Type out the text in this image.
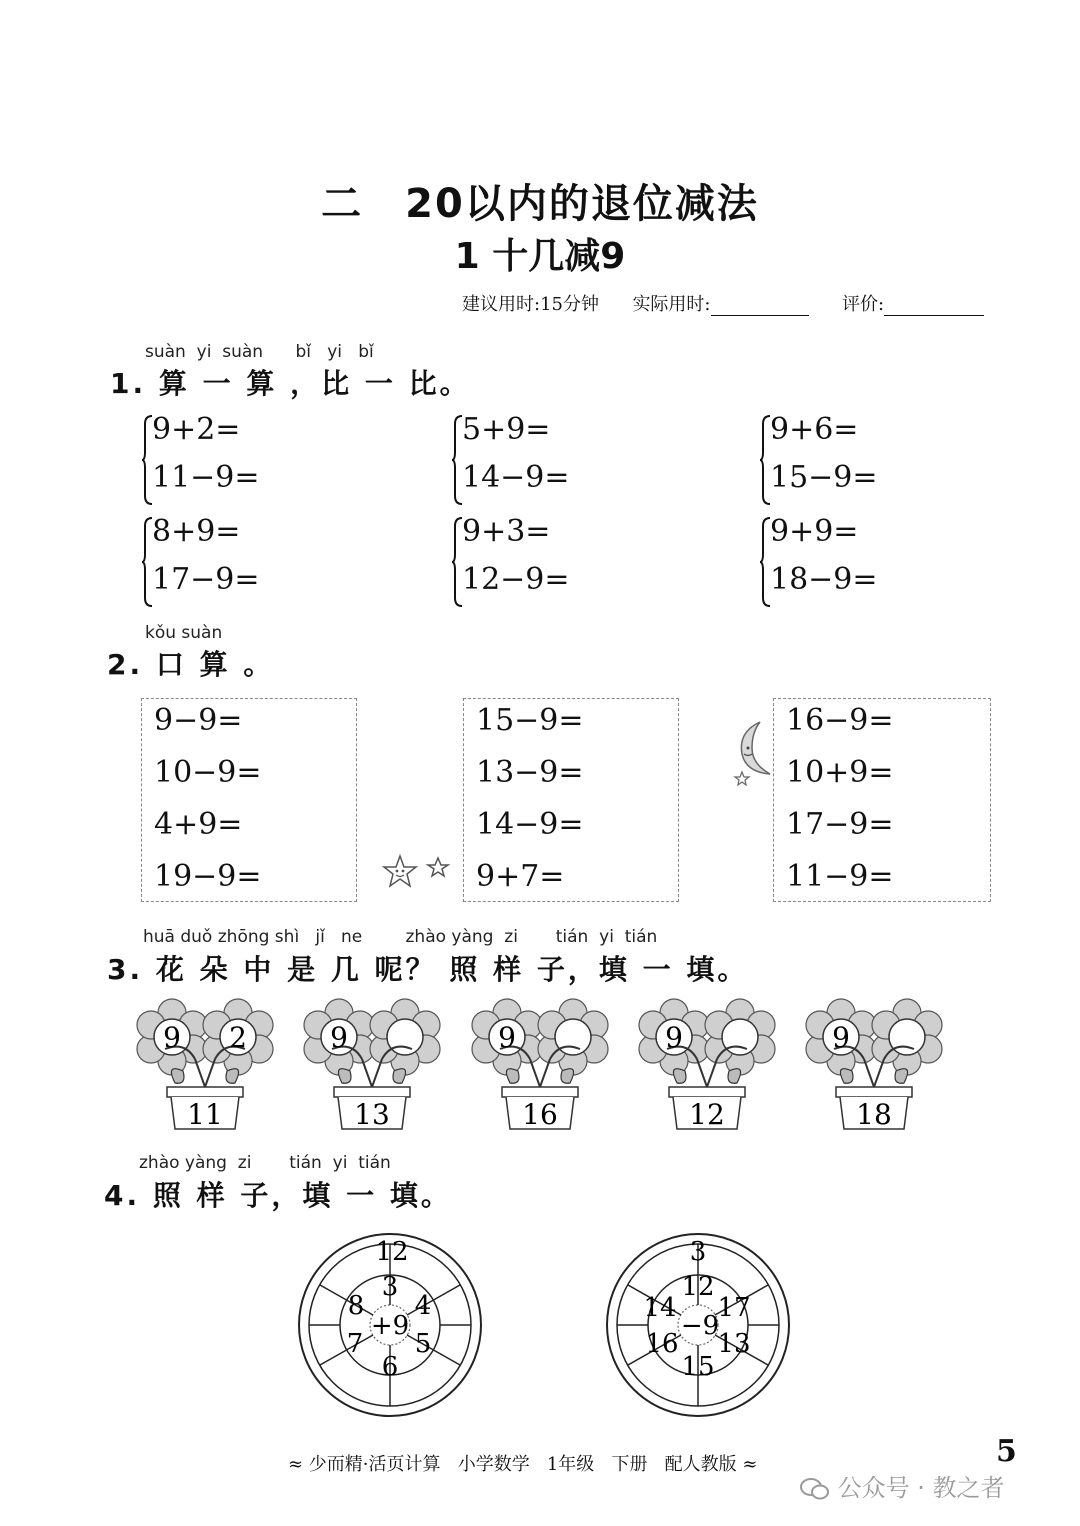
二　20以内的退位减法
1 十几减9
建议用时:15分钟 实际用时:	评价:
suàn  yi  suàn      bǐ   yi   bǐ
1. 算 一 算 ，比 一 比。
9+2=
11−9=
5+9=
14−9=
9+6=
15−9=
8+9=
17−9=
9+3=
12−9=
9+9=
18−9=
kǒu suàn
2. 口 算 。
9−9=
10−9=
4+9=
19−9=
15−9=
13−9=
14−9=
9+7=
16−9=
10+9=
17−9=
11−9=
huā duǒ zhōng shì   jǐ   ne        zhào yàng  zi       tián  yi  tián
3. 花 朵 中 是 几 呢？ 照 样 子，填 一 填。
9 2
11
9
13
9
16
9
12
9
18
zhào yàng  zi       tián  yi  tián
4. 照 样 子，填 一 填。
12
3
4
5
6
7
8
+9
3
12
17
13
15
16
14
−9
≈ 少而精·活页计算   小学数学   1年级   下册   配人教版 ≈	5
公众号 · 教之者
